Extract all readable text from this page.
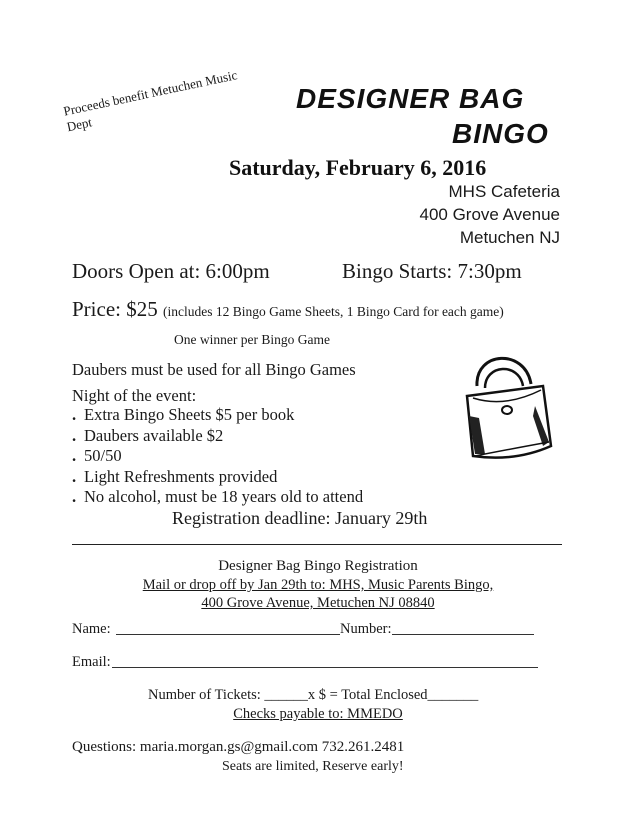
Proceeds benefit Metuchen Music Dept
DESIGNER BAG
BINGO
Saturday, February 6, 2016
MHS Cafeteria
400 Grove Avenue
Metuchen NJ
Doors Open at: 6:00pm	Bingo Starts: 7:30pm
Price: $25 (includes 12 Bingo Game Sheets, 1 Bingo Card for each game)
One winner per Bingo Game
Daubers must be used for all Bingo Games
Night of the event:
. Extra Bingo Sheets $5 per book
. Daubers available $2
. 50/50
. Light Refreshments provided
. No alcohol, must be 18 years old to attend
Registration deadline: January 29th
Designer Bag Bingo Registration
Mail or drop off by Jan 29th to: MHS, Music Parents Bingo,
400 Grove Avenue, Metuchen NJ 08840
Name:	Number:
Email:
Number of Tickets: ______x $ = Total Enclosed_______
Checks payable to: MMEDO
Questions: maria.morgan.gs@gmail.com 732.261.2481
Seats are limited, Reserve early!
